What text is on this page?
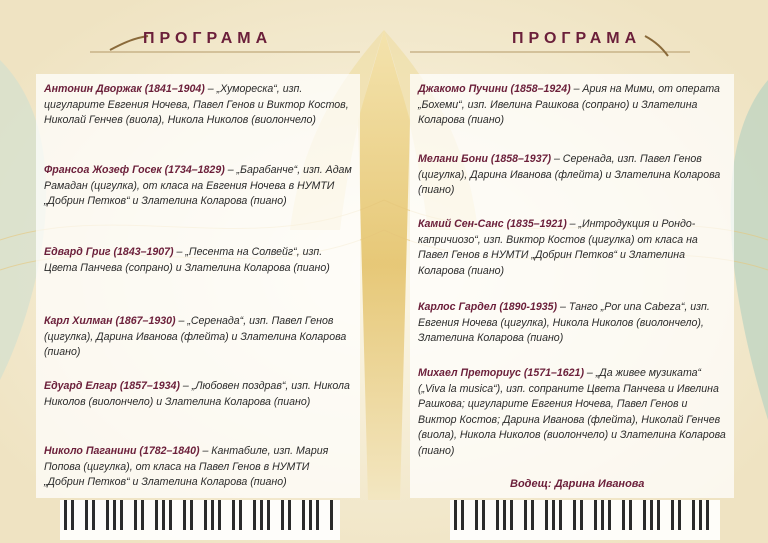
ПРОГРАМА	ПРОГРАМА
Антонин Дворжак (1841–1904) – „Хумореска“, изп. цигуларите Евгения Ночева, Павел Генов и Виктор Костов, Николай Генчев (виола), Никола Николов (виолончело)
Франсоа Жозеф Госек (1734–1829) – „Барабанче“, изп. Адам Рамадан (цигулка), от класа на Евгения Ночева в НУМТИ „Добрин Петков“ и Злателина Коларова (пиано)
Едвард Григ (1843–1907) – „Песента на Солвейг“, изп. Цвета Панчева (сопрано) и Злателина Коларова (пиано)
Карл Хилман (1867–1930) – „Серенада“, изп. Павел Генов (цигулка), Дарина Иванова (флейта) и Злателина Коларова (пиано)
Едуард Елгар (1857–1934) – „Любовен поздрав“, изп. Никола Николов (виолончело) и Злателина Коларова (пиано)
Николо Паганини (1782–1840) – Кантабиле, изп. Мария Попова (цигулка), от класа на Павел Генов в НУМТИ „Добрин Петков“ и Злателина Коларова (пиано)
Джакомо Пучини (1858–1924) – Ария на Мими, от операта „Бохеми“, изп. Ивелина Рашкова (сопрано) и Злателина Коларова (пиано)
Мелани Бони (1858–1937) – Серенада, изп. Павел Генов (цигулка), Дарина Иванова (флейта) и Злателина Коларова (пиано)
Камий Сен-Санс (1835–1921) – „Интродукция и Рондо-капричиозо“, изп. Виктор Костов (цигулка) от класа на Павел Генов в НУМТИ „Добрин Петков“ и Злателина Коларова (пиано)
Карлос Гардел (1890-1935) – Танго „Por una Cabeza“, изп. Евгения Ночева (цигулка), Никола Николов (виолончело), Злателина Коларова (пиано)
Михаел Преториус (1571–1621) – „Да живее музиката“ („Viva la musica“), изп. сопраните Цвета Панчева и Ивелина Рашкова; цигуларите Евгения Ночева, Павел Генов и Виктор Костов; Дарина Иванова (флейта), Николай Генчев (виола), Никола Николов (виолончело) и Злателина Коларова (пиано)
Водещ: Дарина Иванова
